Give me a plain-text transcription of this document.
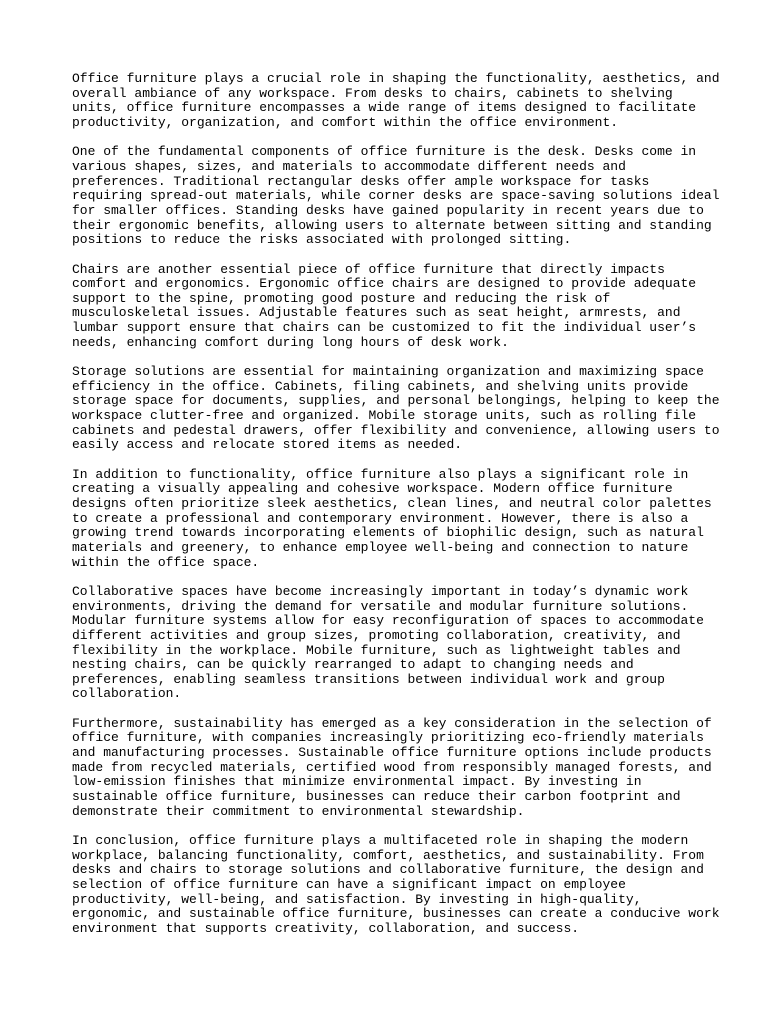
Office furniture plays a crucial role in shaping the functionality, aesthetics, and
overall ambiance of any workspace. From desks to chairs, cabinets to shelving
units, office furniture encompasses a wide range of items designed to facilitate
productivity, organization, and comfort within the office environment.

One of the fundamental components of office furniture is the desk. Desks come in
various shapes, sizes, and materials to accommodate different needs and
preferences. Traditional rectangular desks offer ample workspace for tasks
requiring spread-out materials, while corner desks are space-saving solutions ideal
for smaller offices. Standing desks have gained popularity in recent years due to
their ergonomic benefits, allowing users to alternate between sitting and standing
positions to reduce the risks associated with prolonged sitting.

Chairs are another essential piece of office furniture that directly impacts
comfort and ergonomics. Ergonomic office chairs are designed to provide adequate
support to the spine, promoting good posture and reducing the risk of
musculoskeletal issues. Adjustable features such as seat height, armrests, and
lumbar support ensure that chairs can be customized to fit the individual user’s
needs, enhancing comfort during long hours of desk work.

Storage solutions are essential for maintaining organization and maximizing space
efficiency in the office. Cabinets, filing cabinets, and shelving units provide
storage space for documents, supplies, and personal belongings, helping to keep the
workspace clutter-free and organized. Mobile storage units, such as rolling file
cabinets and pedestal drawers, offer flexibility and convenience, allowing users to
easily access and relocate stored items as needed.

In addition to functionality, office furniture also plays a significant role in
creating a visually appealing and cohesive workspace. Modern office furniture
designs often prioritize sleek aesthetics, clean lines, and neutral color palettes
to create a professional and contemporary environment. However, there is also a
growing trend towards incorporating elements of biophilic design, such as natural
materials and greenery, to enhance employee well-being and connection to nature
within the office space.

Collaborative spaces have become increasingly important in today’s dynamic work
environments, driving the demand for versatile and modular furniture solutions.
Modular furniture systems allow for easy reconfiguration of spaces to accommodate
different activities and group sizes, promoting collaboration, creativity, and
flexibility in the workplace. Mobile furniture, such as lightweight tables and
nesting chairs, can be quickly rearranged to adapt to changing needs and
preferences, enabling seamless transitions between individual work and group
collaboration.

Furthermore, sustainability has emerged as a key consideration in the selection of
office furniture, with companies increasingly prioritizing eco-friendly materials
and manufacturing processes. Sustainable office furniture options include products
made from recycled materials, certified wood from responsibly managed forests, and
low-emission finishes that minimize environmental impact. By investing in
sustainable office furniture, businesses can reduce their carbon footprint and
demonstrate their commitment to environmental stewardship.

In conclusion, office furniture plays a multifaceted role in shaping the modern
workplace, balancing functionality, comfort, aesthetics, and sustainability. From
desks and chairs to storage solutions and collaborative furniture, the design and
selection of office furniture can have a significant impact on employee
productivity, well-being, and satisfaction. By investing in high-quality,
ergonomic, and sustainable office furniture, businesses can create a conducive work
environment that supports creativity, collaboration, and success.
